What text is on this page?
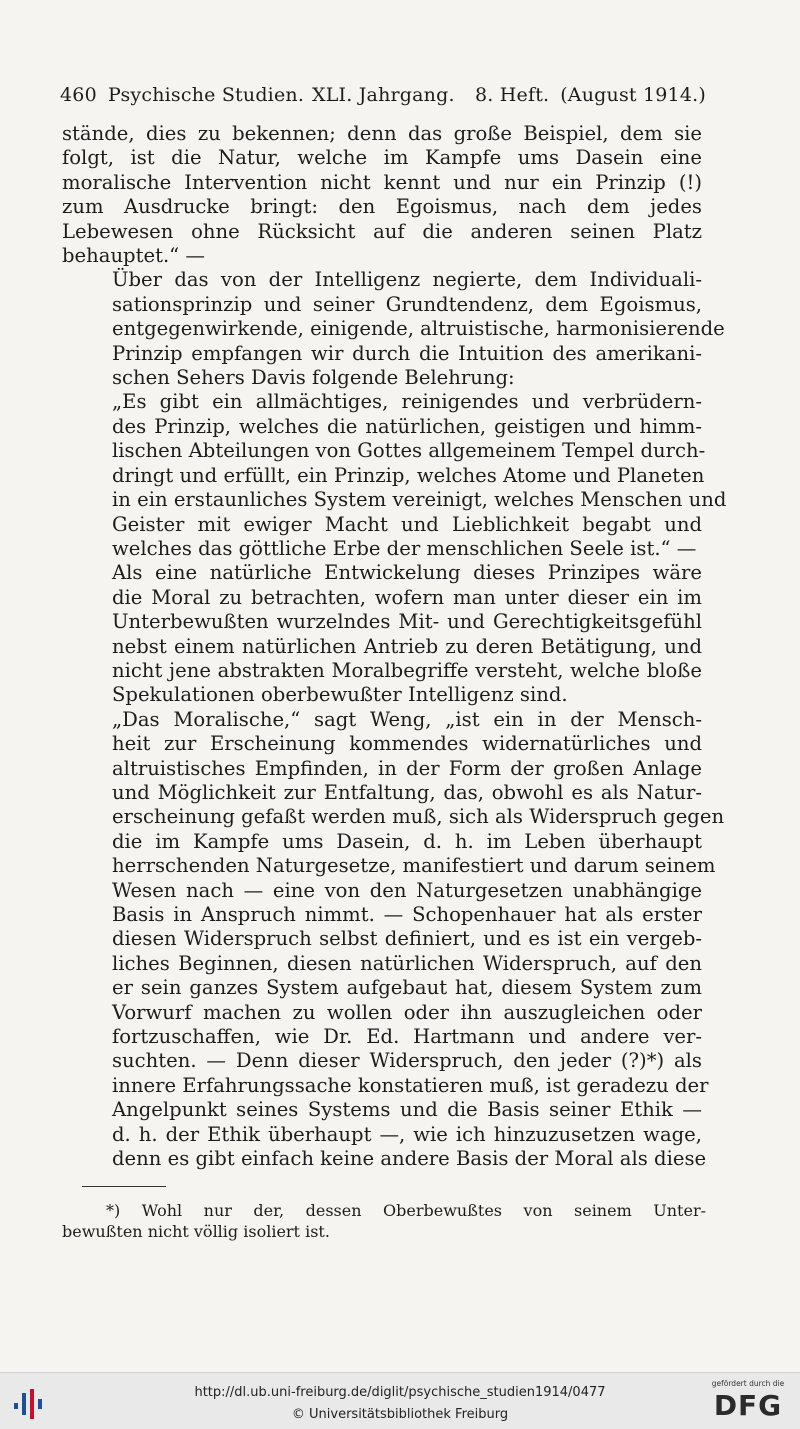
460 Psychische Studien. XLI. Jahrgang. 8. Heft. (August 1914.)

stände, dies zu bekennen; denn das große Beispiel, dem sie
folgt, ist die Natur, welche im Kampfe ums Dasein eine
moralische Intervention nicht kennt und nur ein Prinzip (!)
zum Ausdrucke bringt: den Egoismus, nach dem jedes
Lebewesen ohne Rücksicht auf die anderen seinen Platz
behauptet.“ —

Über das von der Intelligenz negierte, dem Individuali-
sationsprinzip und seiner Grundtendenz, dem Egoismus,
entgegenwirkende, einigende, altruistische, harmonisierende
Prinzip empfangen wir durch die Intuition des amerikani-
schen Sehers Davis folgende Belehrung:

„Es gibt ein allmächtiges, reinigendes und verbrüdern-
des Prinzip, welches die natürlichen, geistigen und himm-
lischen Abteilungen von Gottes allgemeinem Tempel durch-
dringt und erfüllt, ein Prinzip, welches Atome und Planeten
in ein erstaunliches System vereinigt, welches Menschen und
Geister mit ewiger Macht und Lieblichkeit begabt und
welches das göttliche Erbe der menschlichen Seele ist.“ —

Als eine natürliche Entwickelung dieses Prinzipes wäre
die Moral zu betrachten, wofern man unter dieser ein im
Unterbewußten wurzelndes Mit- und Gerechtigkeitsgefühl
nebst einem natürlichen Antrieb zu deren Betätigung, und
nicht jene abstrakten Moralbegriffe versteht, welche bloße
Spekulationen oberbewußter Intelligenz sind.

„Das Moralische,“ sagt Weng, „ist ein in der Mensch-
heit zur Erscheinung kommendes widernatürliches und
altruistisches Empfinden, in der Form der großen Anlage
und Möglichkeit zur Entfaltung, das, obwohl es als Natur-
erscheinung gefaßt werden muß, sich als Widerspruch gegen
die im Kampfe ums Dasein, d. h. im Leben überhaupt
herrschenden Naturgesetze, manifestiert und darum seinem
Wesen nach — eine von den Naturgesetzen unabhängige
Basis in Anspruch nimmt. — Schopenhauer hat als erster
diesen Widerspruch selbst definiert, und es ist ein vergeb-
liches Beginnen, diesen natürlichen Widerspruch, auf den
er sein ganzes System aufgebaut hat, diesem System zum
Vorwurf machen zu wollen oder ihn auszugleichen oder
fortzuschaffen, wie Dr. Ed. Hartmann und andere ver-
suchten. — Denn dieser Widerspruch, den jeder (?)*) als
innere Erfahrungssache konstatieren muß, ist geradezu der
Angelpunkt seines Systems und die Basis seiner Ethik —
d. h. der Ethik überhaupt —, wie ich hinzuzusetzen wage,
denn es gibt einfach keine andere Basis der Moral als diese

*) Wohl nur der, dessen Oberbewußtes von seinem Unter-
bewußten nicht völlig isoliert ist.
http://dl.ub.uni-freiburg.de/diglit/psychische_studien1914/0477
© Universitätsbibliothek Freiburg
gefördert durch die
DFG
